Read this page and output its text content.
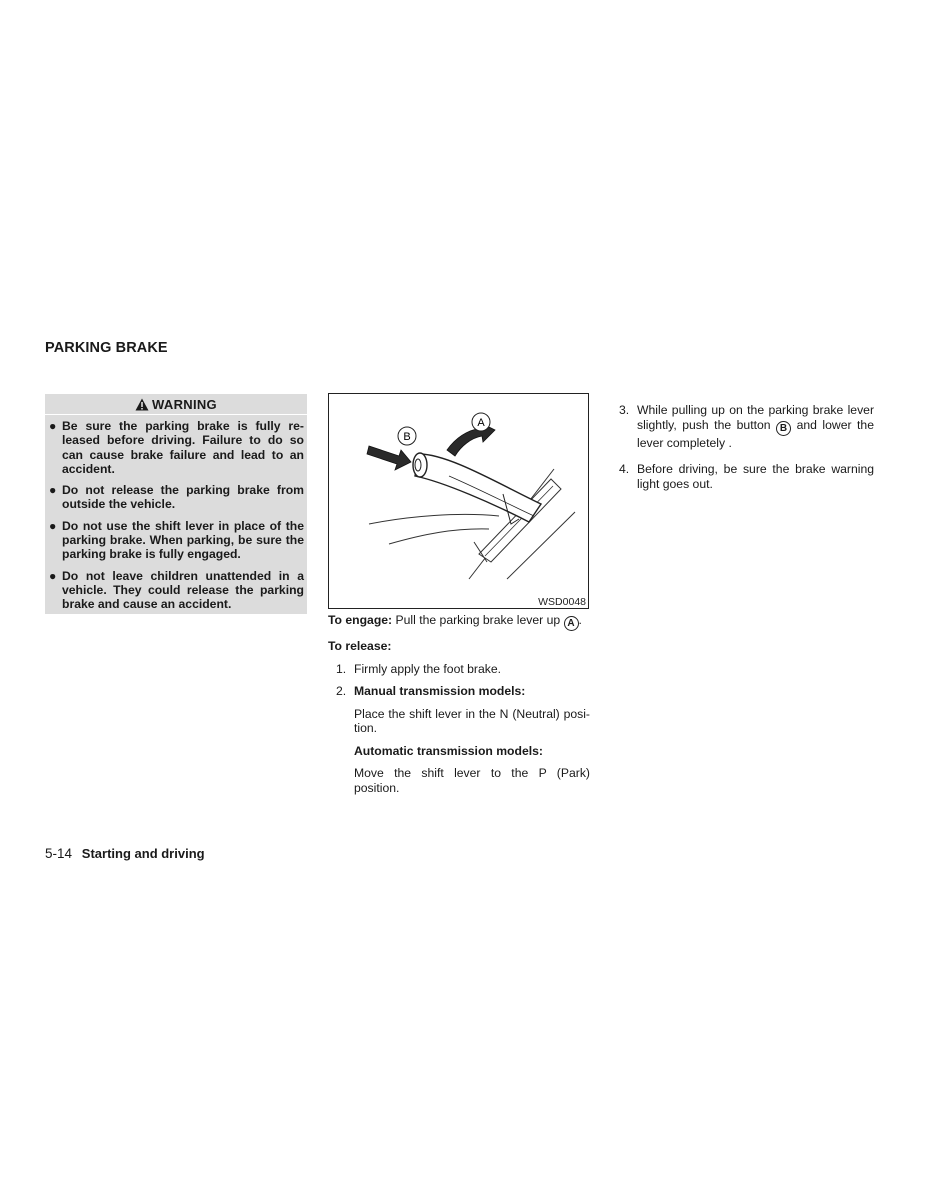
PARKING BRAKE
WARNING
● Be sure the parking brake is fully re-leased before driving. Failure to do so can cause brake failure and lead to an accident.
● Do not release the parking brake from outside the vehicle.
● Do not use the shift lever in place of the parking brake. When parking, be sure the parking brake is fully engaged.
● Do not leave children unattended in a vehicle. They could release the parking brake and cause an accident.
B
A
WSD0048

To engage: Pull the parking brake lever up A .

To release:

1. Firmly apply the foot brake.

2. Manual transmission models:

Place the shift lever in the N (Neutral) posi-tion.

Automatic transmission models:

Move the shift lever to the P (Park) position.

3. While pulling up on the parking brake lever slightly, push the button B and lower the lever completely .

4. Before driving, be sure the brake warning light goes out.

5-14 Starting and driving
